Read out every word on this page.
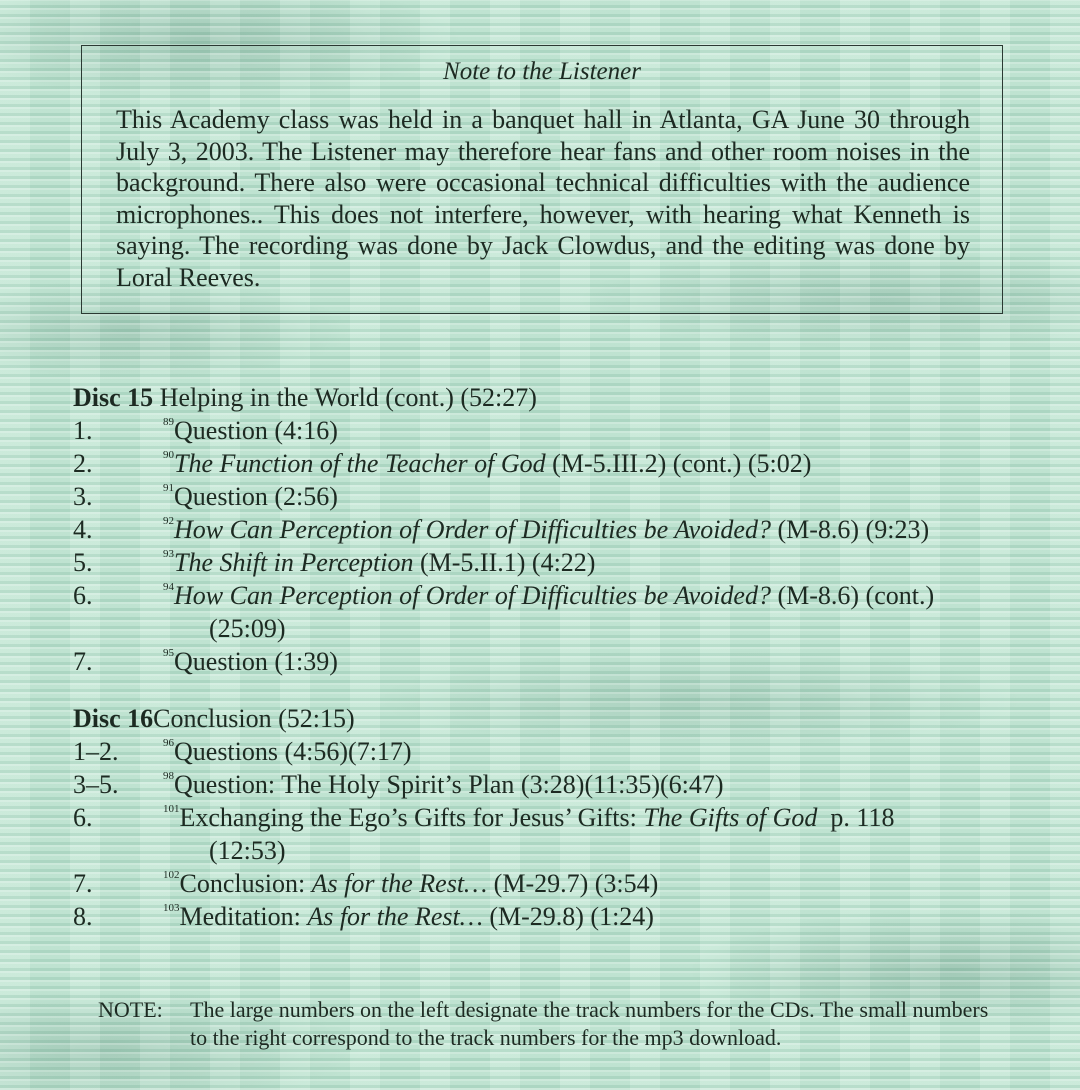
Note to the Listener

This Academy class was held in a banquet hall in Atlanta, GA June 30 through July 3, 2003. The Listener may therefore hear fans and other room noises in the background. There also were occasional technical difficulties with the audience microphones.. This does not interfere, however, with hearing what Kenneth is saying. The recording was done by Jack Clowdus, and the editing was done by Loral Reeves.

Disc 15 Helping in the World (cont.) (52:27)
1.	$^{89}$Question (4:16)
2.	$^{90}$The Function of the Teacher of God (M-5.III.2) (cont.) (5:02)
3.	$^{91}$Question (2:56)
4.	$^{92}$How Can Perception of Order of Difficulties be Avoided? (M-8.6) (9:23)
5.	$^{93}$The Shift in Perception (M-5.II.1) (4:22)
6.	$^{94}$How Can Perception of Order of Difficulties be Avoided? (M-8.6) (cont.)
(25:09)
7.	$^{95}$Question (1:39)
Disc 16Conclusion (52:15)
1–2.	$^{96}$Questions (4:56)(7:17)
3–5.	$^{98}$Question: The Holy Spirit’s Plan (3:28)(11:35)(6:47)
6.	$^{101}$Exchanging the Ego’s Gifts for Jesus’ Gifts: The Gifts of God  p. 118
(12:53)
7.	$^{102}$Conclusion: As for the Rest… (M-29.7) (3:54)
8.	$^{103}$Meditation: As for the Rest… (M-29.8) (1:24)
NOTE: The large numbers on the left designate the track numbers for the CDs. The small numbers to the right correspond to the track numbers for the mp3 download.
